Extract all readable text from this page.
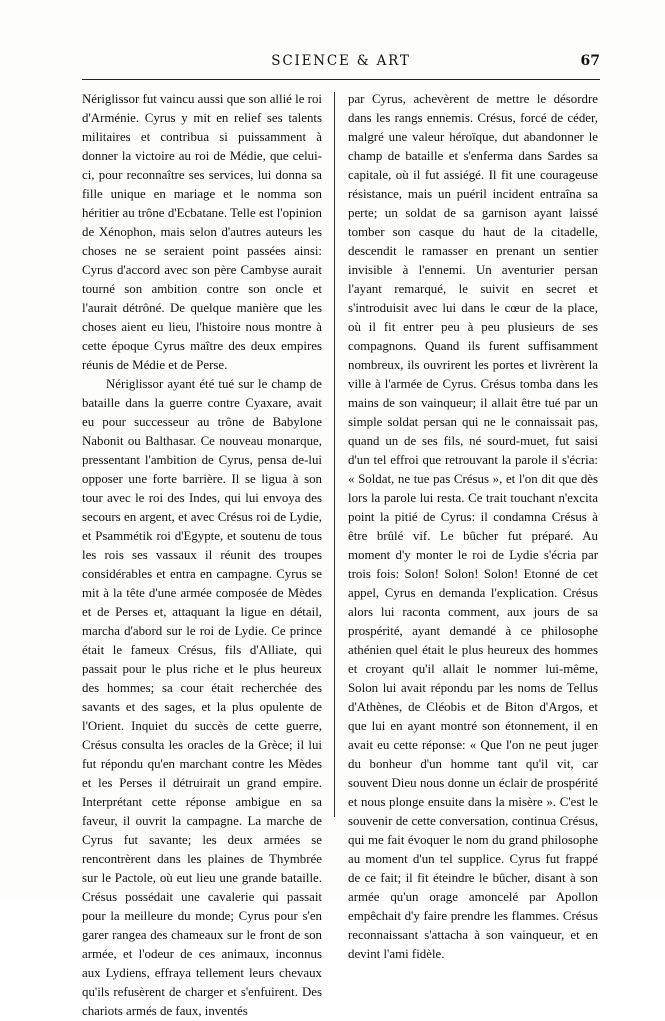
SCIENCE & ART	67

Nériglissor fut vaincu aussi que son allié le roi d'Arménie. Cyrus y mit en relief ses talents militaires et contribua si puissamment à donner la victoire au roi de Médie, que celui-ci, pour reconnaître ses services, lui donna sa fille unique en mariage et le nomma son héritier au trône d'Ecbatane. Telle est l'opinion de Xénophon, mais selon d'autres auteurs les choses ne se seraient point passées ainsi: Cyrus d'accord avec son père Cambyse aurait tourné son ambition contre son oncle et l'aurait détrôné. De quelque manière que les choses aient eu lieu, l'histoire nous montre à cette époque Cyrus maître des deux empires réunis de Médie et de Perse.

Nériglissor ayant été tué sur le champ de bataille dans la guerre contre Cyaxare, avait eu pour successeur au trône de Babylone Nabonit ou Balthasar. Ce nouveau monarque, pressentant l'ambition de Cyrus, pensa de-lui opposer une forte barrière. Il se ligua à son tour avec le roi des Indes, qui lui envoya des secours en argent, et avec Crésus roi de Lydie, et Psammétik roi d'Egypte, et soutenu de tous les rois ses vassaux il réunit des troupes considérables et entra en campagne. Cyrus se mit à la tête d'une armée composée de Mèdes et de Perses et, attaquant la ligue en détail, marcha d'abord sur le roi de Lydie. Ce prince était le fameux Crésus, fils d'Alliate, qui passait pour le plus riche et le plus heureux des hommes; sa cour était recherchée des savants et des sages, et la plus opulente de l'Orient. Inquiet du succès de cette guerre, Crésus consulta les oracles de la Grèce; il lui fut répondu qu'en marchant contre les Mèdes et les Perses il détruirait un grand empire. Interprétant cette réponse ambigue en sa faveur, il ouvrit la campagne. La marche de Cyrus fut savante; les deux armées se rencontrèrent dans les plaines de Thymbrée sur le Pactole, où eut lieu une grande bataille. Crésus possédait une cavalerie qui passait pour la meilleure du monde; Cyrus pour s'en garer rangea des chameaux sur le front de son armée, et l'odeur de ces animaux, inconnus aux Lydiens, effraya tellement leurs chevaux qu'ils refusèrent de charger et s'enfuirent. Des chariots armés de faux, inventés

par Cyrus, achevèrent de mettre le désordre dans les rangs ennemis. Crésus, forcé de céder, malgré une valeur héroïque, dut abandonner le champ de bataille et s'enferma dans Sardes sa capitale, où il fut assiégé. Il fit une courageuse résistance, mais un puéril incident entraîna sa perte; un soldat de sa garnison ayant laissé tomber son casque du haut de la citadelle, descendit le ramasser en prenant un sentier invisible à l'ennemi. Un aventurier persan l'ayant remarqué, le suivit en secret et s'introduisit avec lui dans le cœur de la place, où il fit entrer peu à peu plusieurs de ses compagnons. Quand ils furent suffisamment nombreux, ils ouvrirent les portes et livrèrent la ville à l'armée de Cyrus. Crésus tomba dans les mains de son vainqueur; il allait être tué par un simple soldat persan qui ne le connaissait pas, quand un de ses fils, né sourd-muet, fut saisi d'un tel effroi que retrouvant la parole il s'écria: « Soldat, ne tue pas Crésus », et l'on dit que dès lors la parole lui resta. Ce trait touchant n'excita point la pitié de Cyrus: il condamna Crésus à être brûlé vif. Le bûcher fut préparé. Au moment d'y monter le roi de Lydie s'écria par trois fois: Solon! Solon! Solon! Etonné de cet appel, Cyrus en demanda l'explication. Crésus alors lui raconta comment, aux jours de sa prospérité, ayant demandé à ce philosophe athénien quel était le plus heureux des hommes et croyant qu'il allait le nommer lui-même, Solon lui avait répondu par les noms de Tellus d'Athènes, de Cléobis et de Biton d'Argos, et que lui en ayant montré son étonnement, il en avait eu cette réponse: « Que l'on ne peut juger du bonheur d'un homme tant qu'il vit, car souvent Dieu nous donne un éclair de prospérité et nous plonge ensuite dans la misère ». C'est le souvenir de cette conversation, continua Crésus, qui me fait évoquer le nom du grand philosophe au moment d'un tel supplice. Cyrus fut frappé de ce fait; il fit éteindre le bûcher, disant à son armée qu'un orage amoncelé par Apollon empêchait d'y faire prendre les flammes. Crésus reconnaissant s'attacha à son vainqueur, et en devint l'ami fidèle.
